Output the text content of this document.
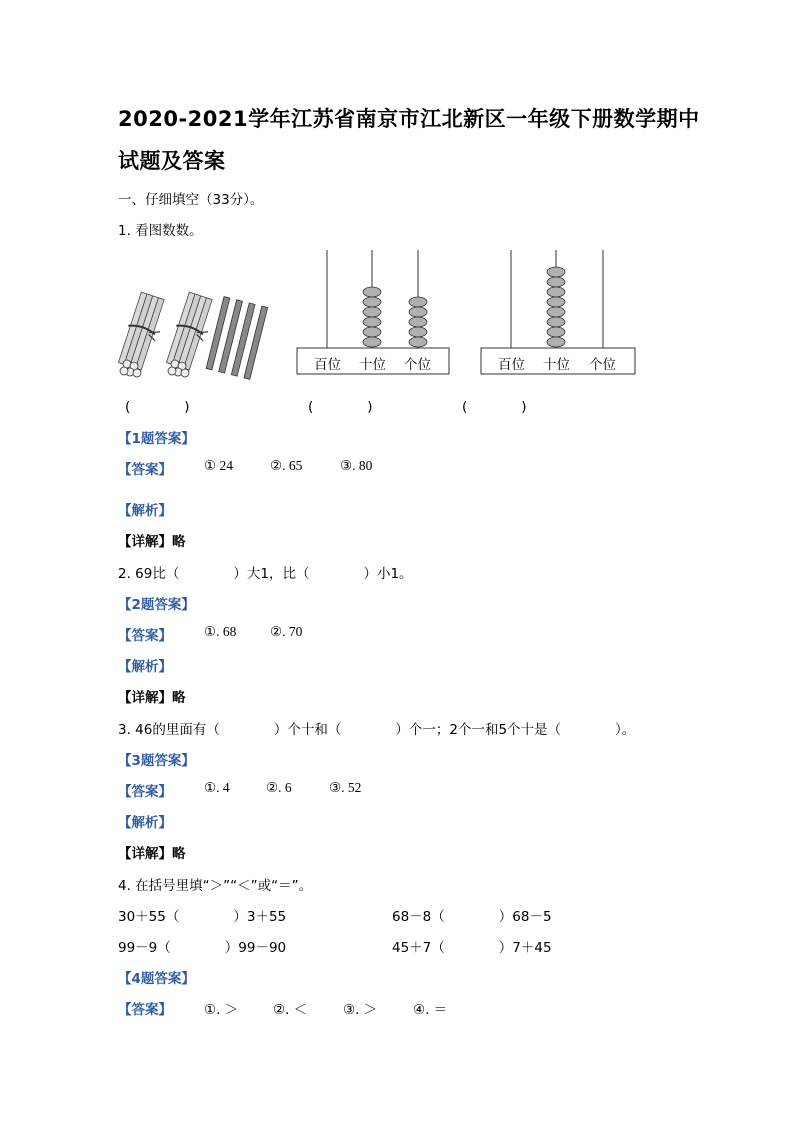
2020-2021学年江苏省南京市江北新区一年级下册数学期中
试题及答案
一、仔细填空（33分）。
1. 看图数数。
百位 十位 个位	百位 十位 个位
(　　　　)	(　　　　)	(　　　　)
【1题答案】
【答案】 ① 24	②. 65	③. 80
【解析】
【详解】略
2. 69比（　　　　）大1，比（　　　　）小1。
【2题答案】
【答案】 ①. 68 ②. 70
【解析】
【详解】略
3. 46的里面有（　　　　）个十和（　　　　）个一；2个一和5个十是（　　　　）。
【3题答案】
【答案】 ①. 4	②. 6	③. 52
【解析】
【详解】略
4. 在括号里填“＞”“＜”或“＝”。
30＋55（　　　　）3＋55	68－8（　　　　）68－5
99－9（　　　　）99－90	45＋7（　　　　）7＋45
【4题答案】
【答案】 ①. ＞	②. ＜	③. ＞	④. ＝
